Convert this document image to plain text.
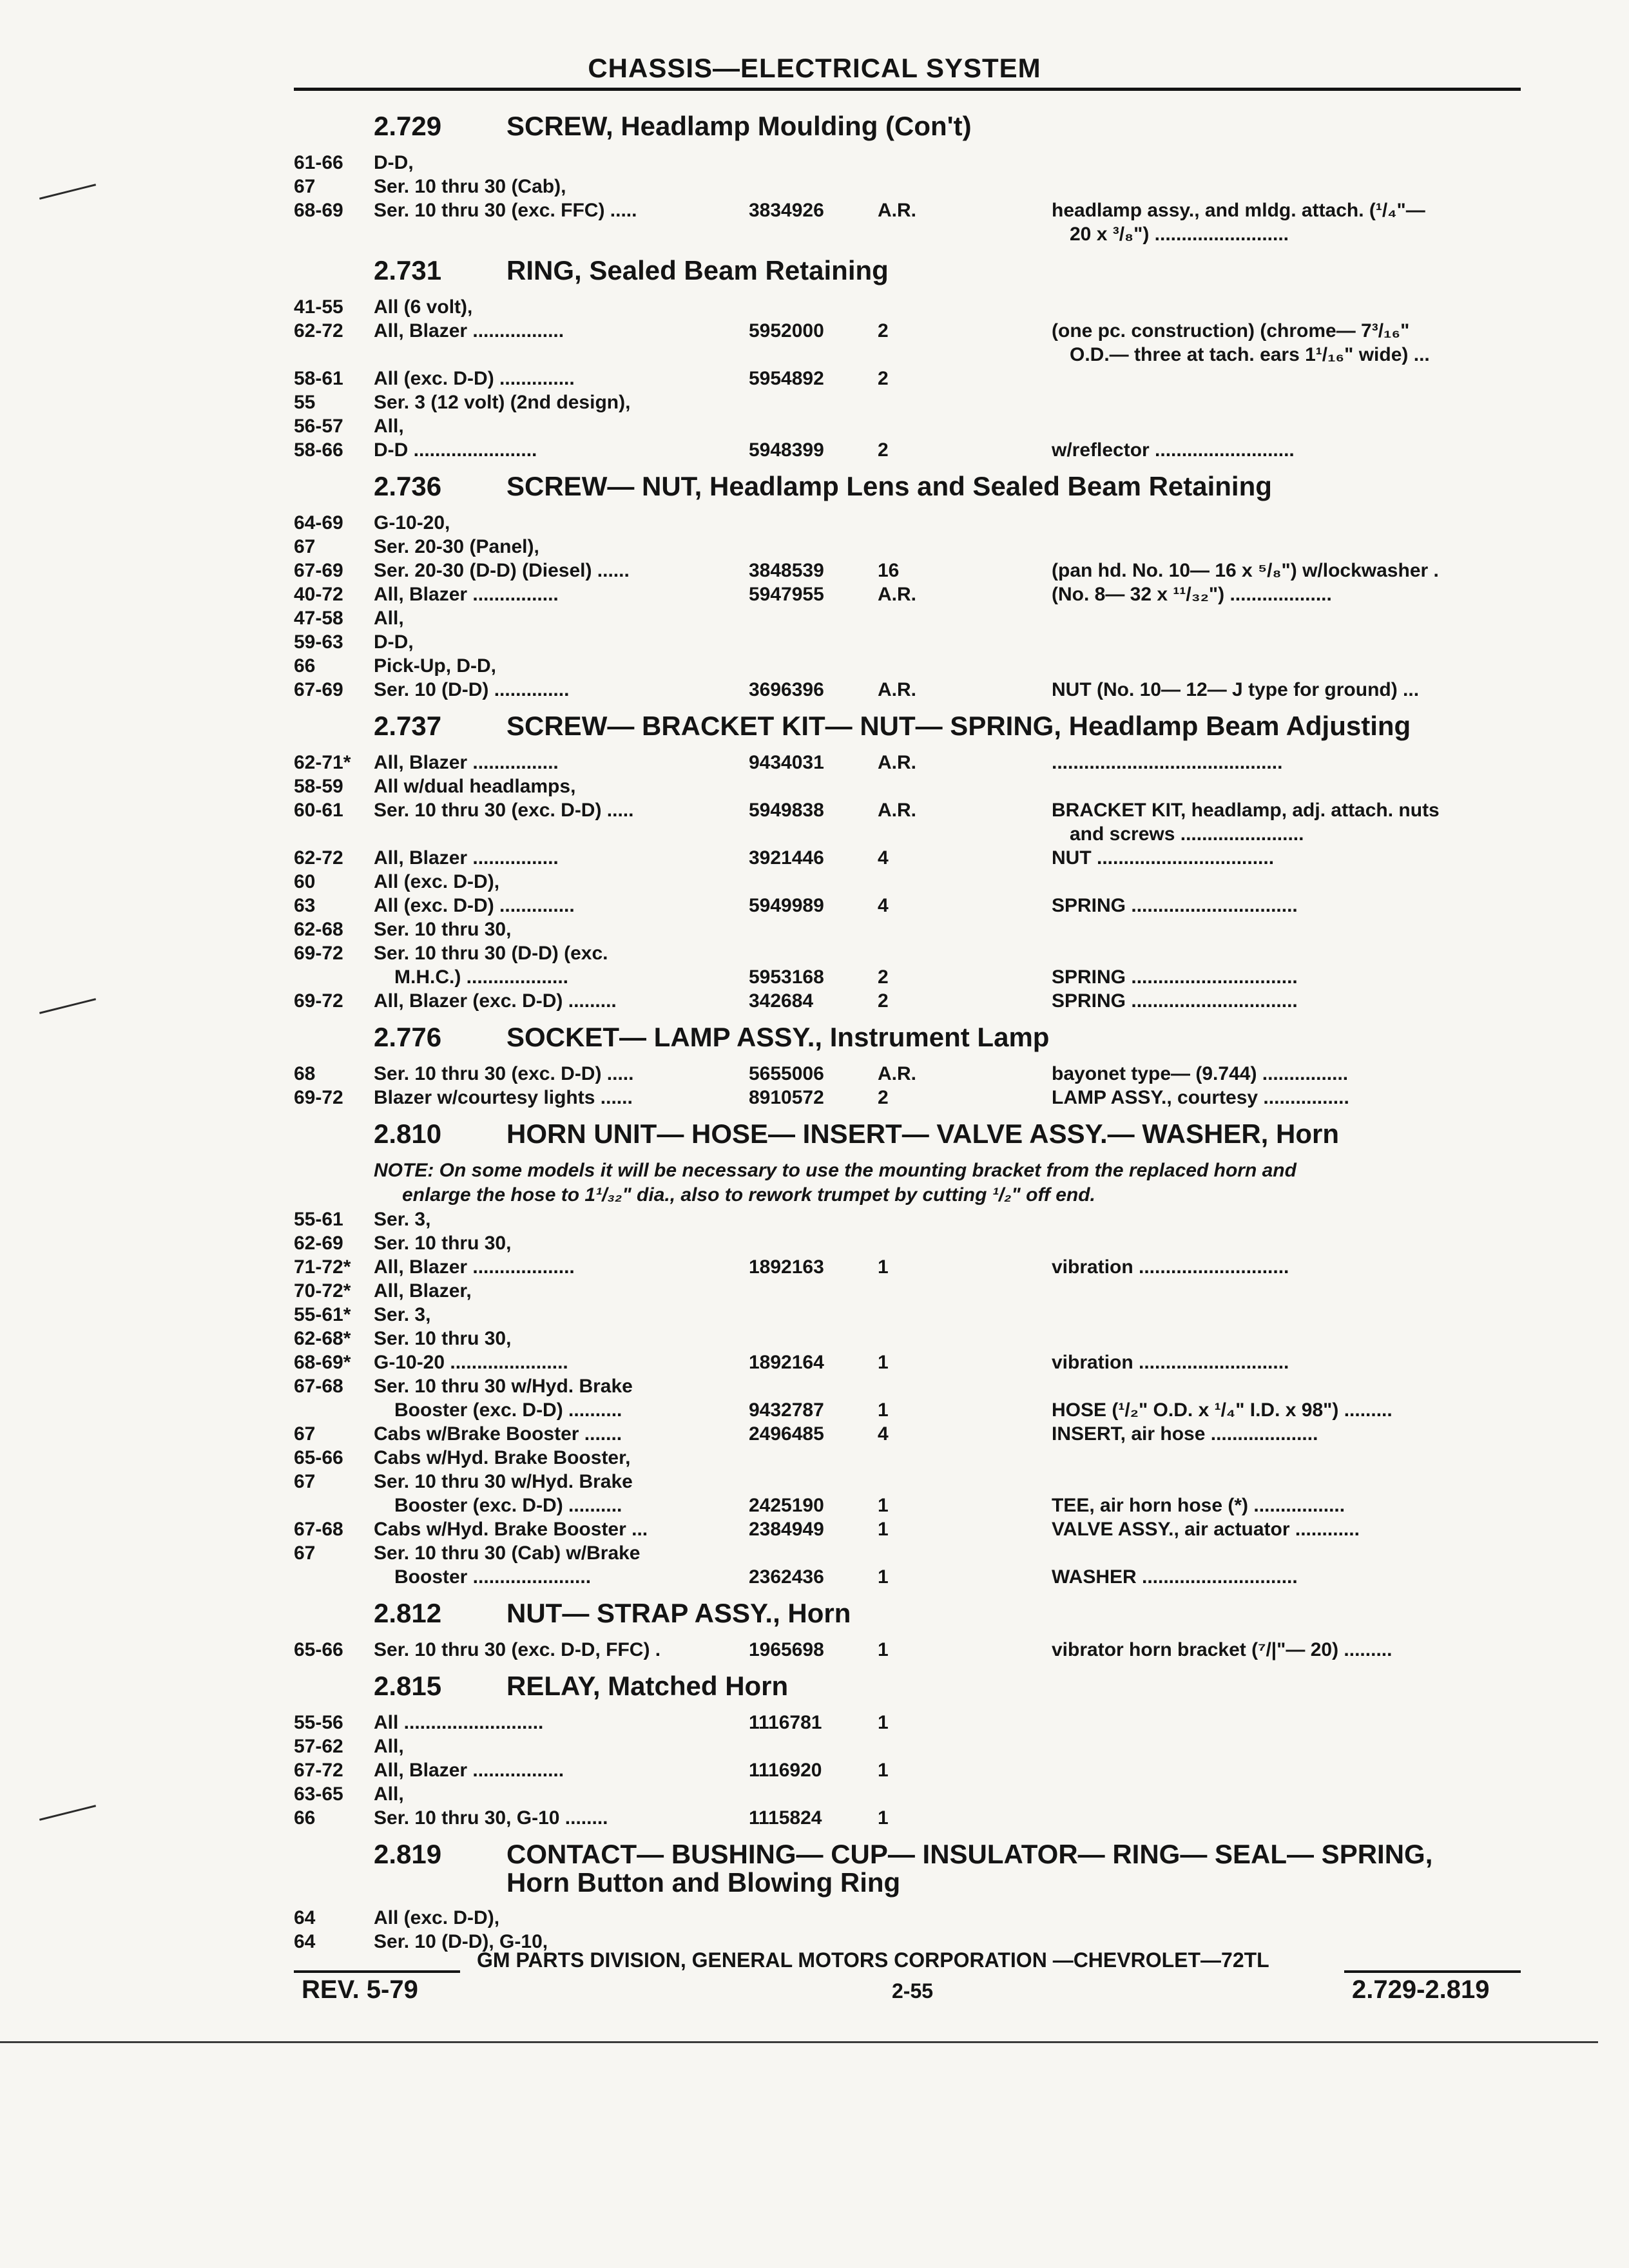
CHASSIS—ELECTRICAL SYSTEM
2.729 SCREW, Headlamp Moulding (Con't)
61-66 D-D,
67	Ser. 10 thru 30 (Cab),
68-69 Ser. 10 thru 30 (exc. FFC) .....	3834926	A.R.	headlamp assy., and mldg. attach. (¹/₄"—
20 x ³/₈") .........................
2.731 RING, Sealed Beam Retaining
41-55 All (6 volt),
62-72 All, Blazer .................	5952000	2	(one pc. construction) (chrome— 7³/₁₆"
O.D.— three at tach. ears 1¹/₁₆" wide) ...
58-61 All (exc. D-D) ..............	5954892	2
55	Ser. 3 (12 volt) (2nd design),
56-57 All,
58-66 D-D .......................	5948399	2	w/reflector ..........................
2.736 SCREW— NUT, Headlamp Lens and Sealed Beam Retaining
64-69 G-10-20,
67	Ser. 20-30 (Panel),
67-69 Ser. 20-30 (D-D) (Diesel) ......	3848539	16	(pan hd. No. 10— 16 x ⁵/₈") w/lockwasher .
40-72 All, Blazer ................	5947955	A.R.	(No. 8— 32 x ¹¹/₃₂") ...................
47-58 All,
59-63 D-D,
66	Pick-Up, D-D,
67-69 Ser. 10 (D-D) ..............	3696396	A.R.	NUT (No. 10— 12— J type for ground) ...
2.737 SCREW— BRACKET KIT— NUT— SPRING, Headlamp Beam Adjusting
62-71* All, Blazer ................	9434031	A.R.	...........................................
58-59 All w/dual headlamps,
60-61 Ser. 10 thru 30 (exc. D-D) .....	5949838	A.R.	BRACKET KIT, headlamp, adj. attach. nuts
and screws .......................
62-72 All, Blazer ................	3921446	4	NUT .................................
60	All (exc. D-D),
63	All (exc. D-D) ..............	5949989	4	SPRING ...............................
62-68 Ser. 10 thru 30,
69-72 Ser. 10 thru 30 (D-D) (exc.
M.H.C.) ...................	5953168	2	SPRING ...............................
69-72 All, Blazer (exc. D-D) .........	342684	2	SPRING ...............................
2.776 SOCKET— LAMP ASSY., Instrument Lamp
68	Ser. 10 thru 30 (exc. D-D) .....	5655006	A.R.	bayonet type— (9.744) ................
69-72 Blazer w/courtesy lights ......	8910572	2	LAMP ASSY., courtesy ................
2.810 HORN UNIT— HOSE— INSERT— VALVE ASSY.— WASHER, Horn
NOTE: On some models it will be necessary to use the mounting bracket from the replaced horn and
enlarge the hose to 1¹/₃₂" dia., also to rework trumpet by cutting ¹/₂" off end.
55-61 Ser. 3,
62-69 Ser. 10 thru 30,
71-72* All, Blazer ...................	1892163	1	vibration ............................
70-72* All, Blazer,
55-61* Ser. 3,
62-68* Ser. 10 thru 30,
68-69* G-10-20 ......................	1892164	1	vibration ............................
67-68 Ser. 10 thru 30 w/Hyd. Brake
Booster (exc. D-D) ..........	9432787	1	HOSE (¹/₂" O.D. x ¹/₄" I.D. x 98") .........
67	Cabs w/Brake Booster .......	2496485	4	INSERT, air hose ....................
65-66 Cabs w/Hyd. Brake Booster,
67	Ser. 10 thru 30 w/Hyd. Brake
Booster (exc. D-D) ..........	2425190	1	TEE, air horn hose (*) .................
67-68 Cabs w/Hyd. Brake Booster ...	2384949	1	VALVE ASSY., air actuator ............
67	Ser. 10 thru 30 (Cab) w/Brake
Booster ......................	2362436	1	WASHER .............................
2.812 NUT— STRAP ASSY., Horn
65-66 Ser. 10 thru 30 (exc. D-D, FFC) .	1965698	1	vibrator horn bracket (⁷/|"— 20) .........
2.815 RELAY, Matched Horn
55-56 All ..........................	1116781	1
57-62 All,
67-72 All, Blazer .................	1116920	1
63-65 All,
66	Ser. 10 thru 30, G-10 ........	1115824	1
2.819 CONTACT— BUSHING— CUP— INSULATOR— RING— SEAL— SPRING,
Horn Button and Blowing Ring
64	All (exc. D-D),
64	Ser. 10 (D-D), G-10,
GM PARTS DIVISION, GENERAL MOTORS CORPORATION —CHEVROLET—72TL
REV. 5-79	2-55	2.729-2.819
